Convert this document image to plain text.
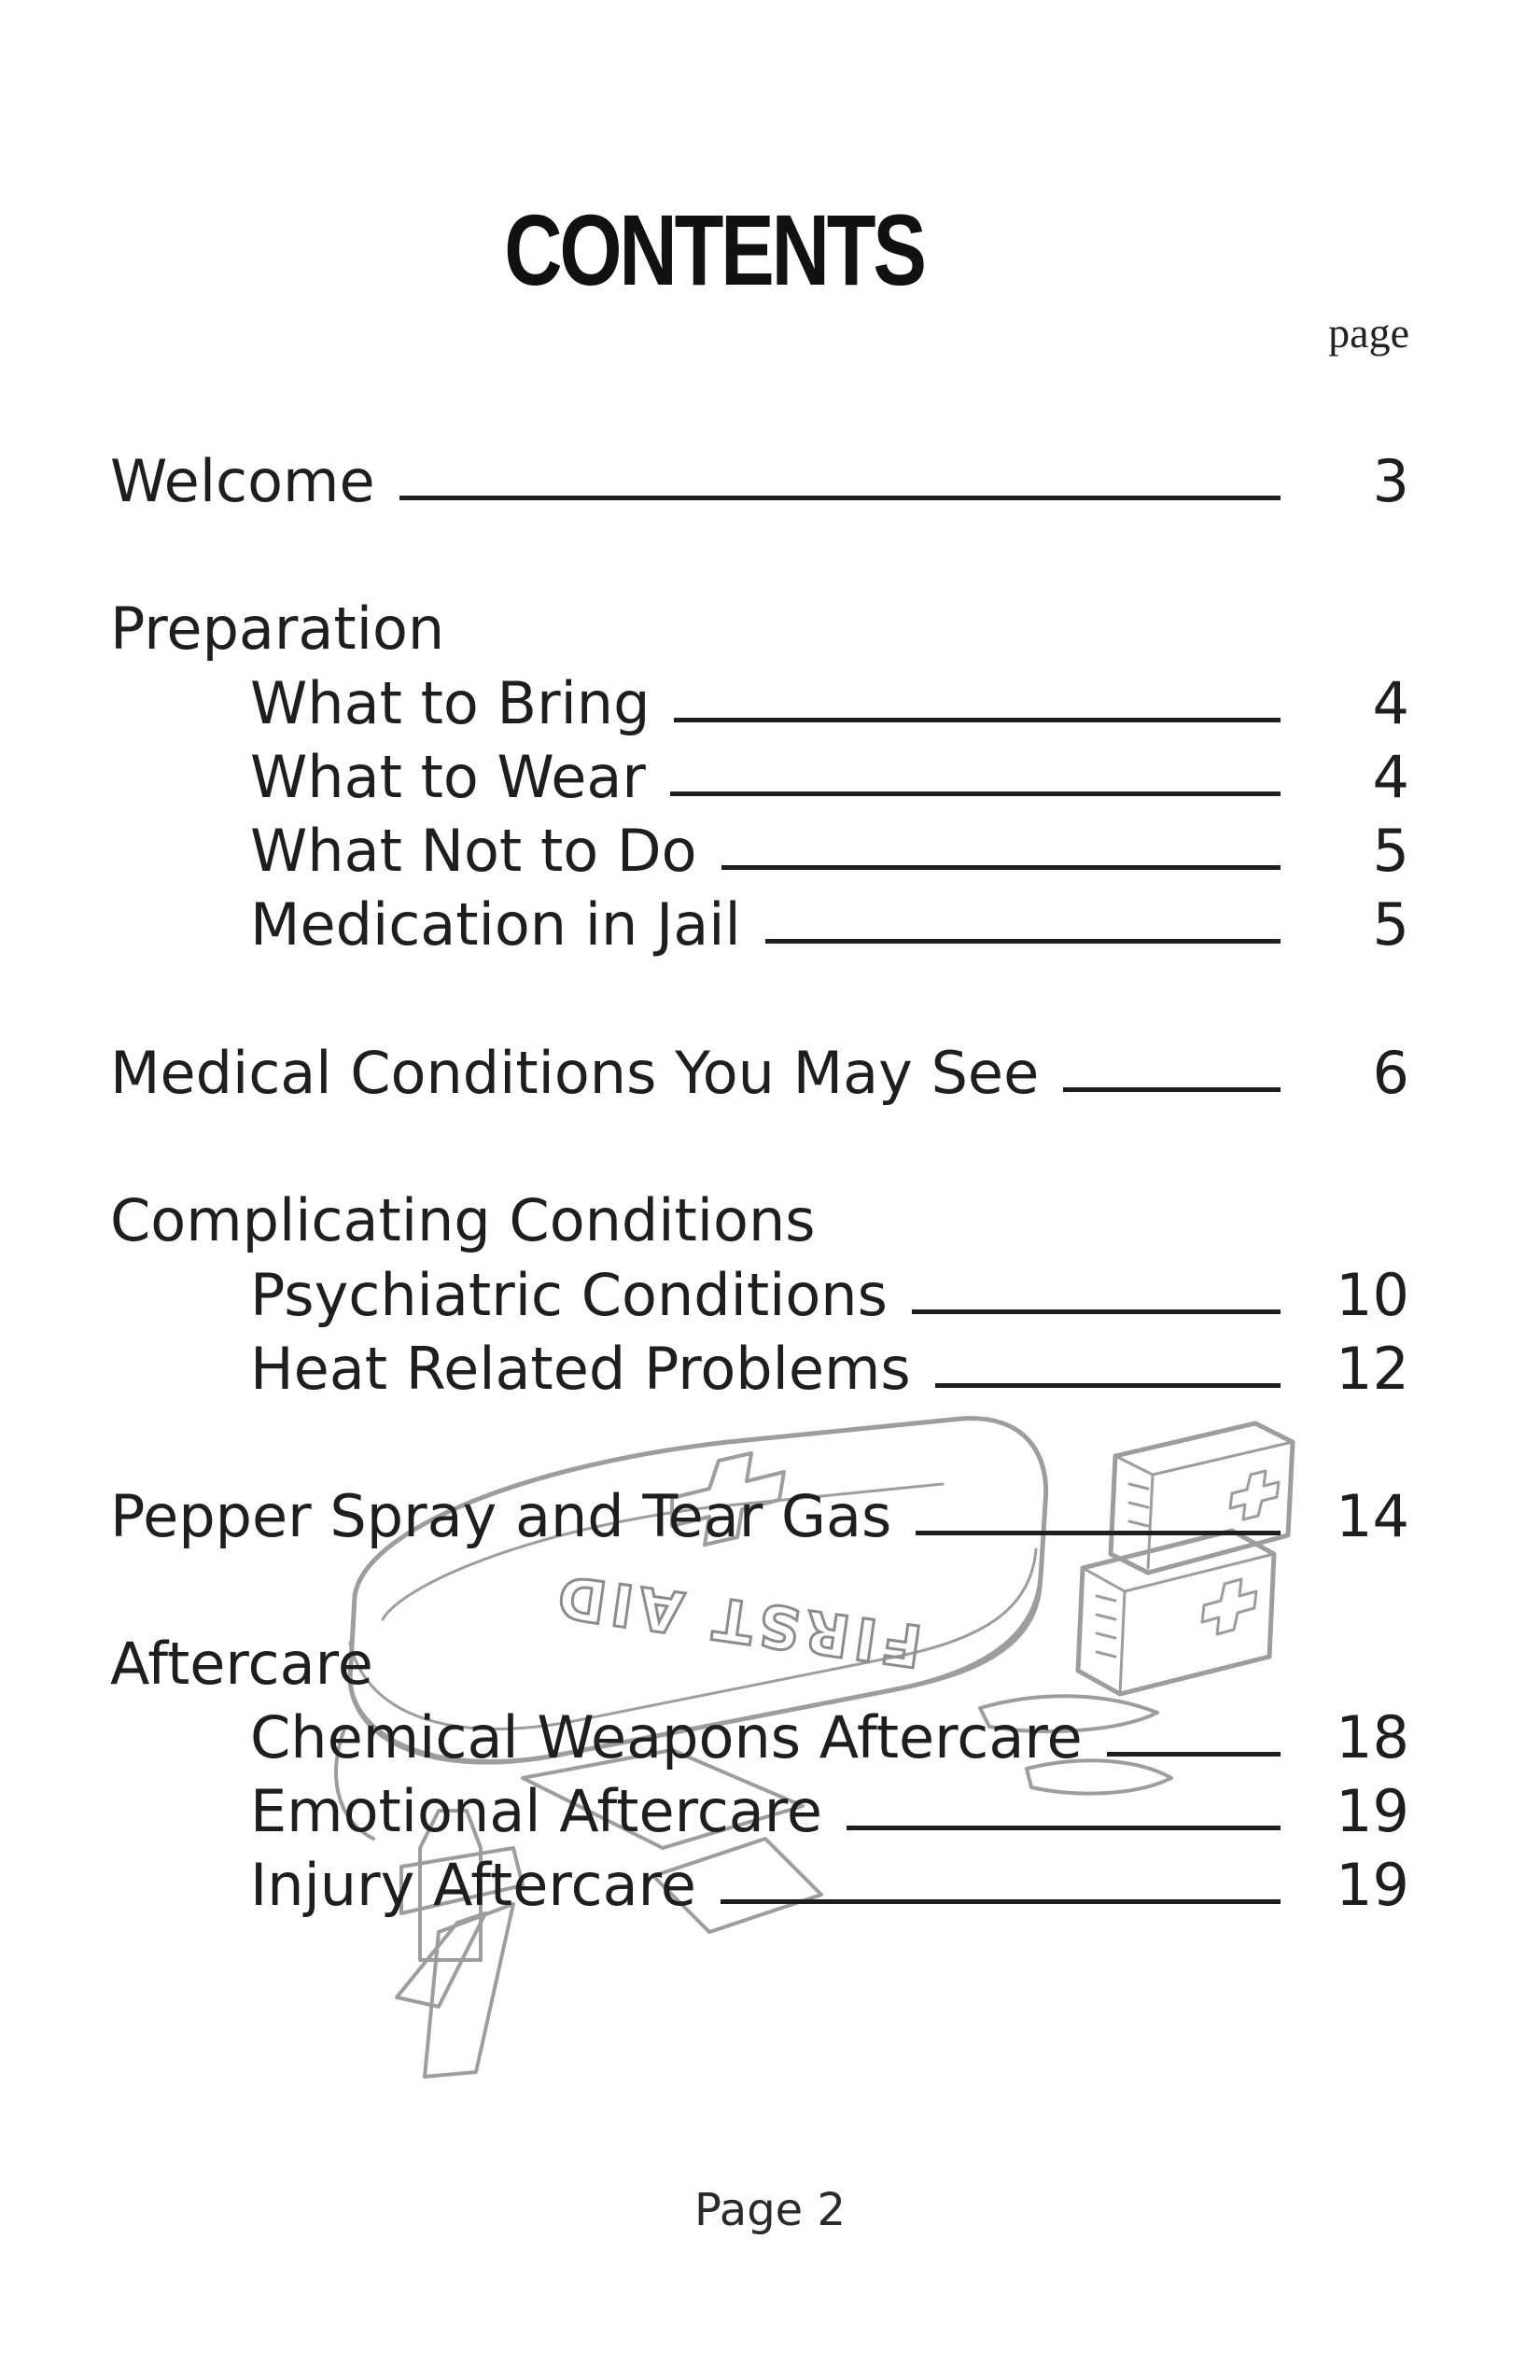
FIRST AID
CONTENTS
page
Welcome	3
Preparation
What to Bring	4
What to Wear	4
What Not to Do	5
Medication in Jail	5
Medical Conditions You May See	6
Complicating Conditions
Psychiatric Conditions	10
Heat Related Problems	12
Pepper Spray and Tear Gas	14
Aftercare
Chemical Weapons Aftercare	18
Emotional Aftercare	19
Injury Aftercare	19
Page 2
